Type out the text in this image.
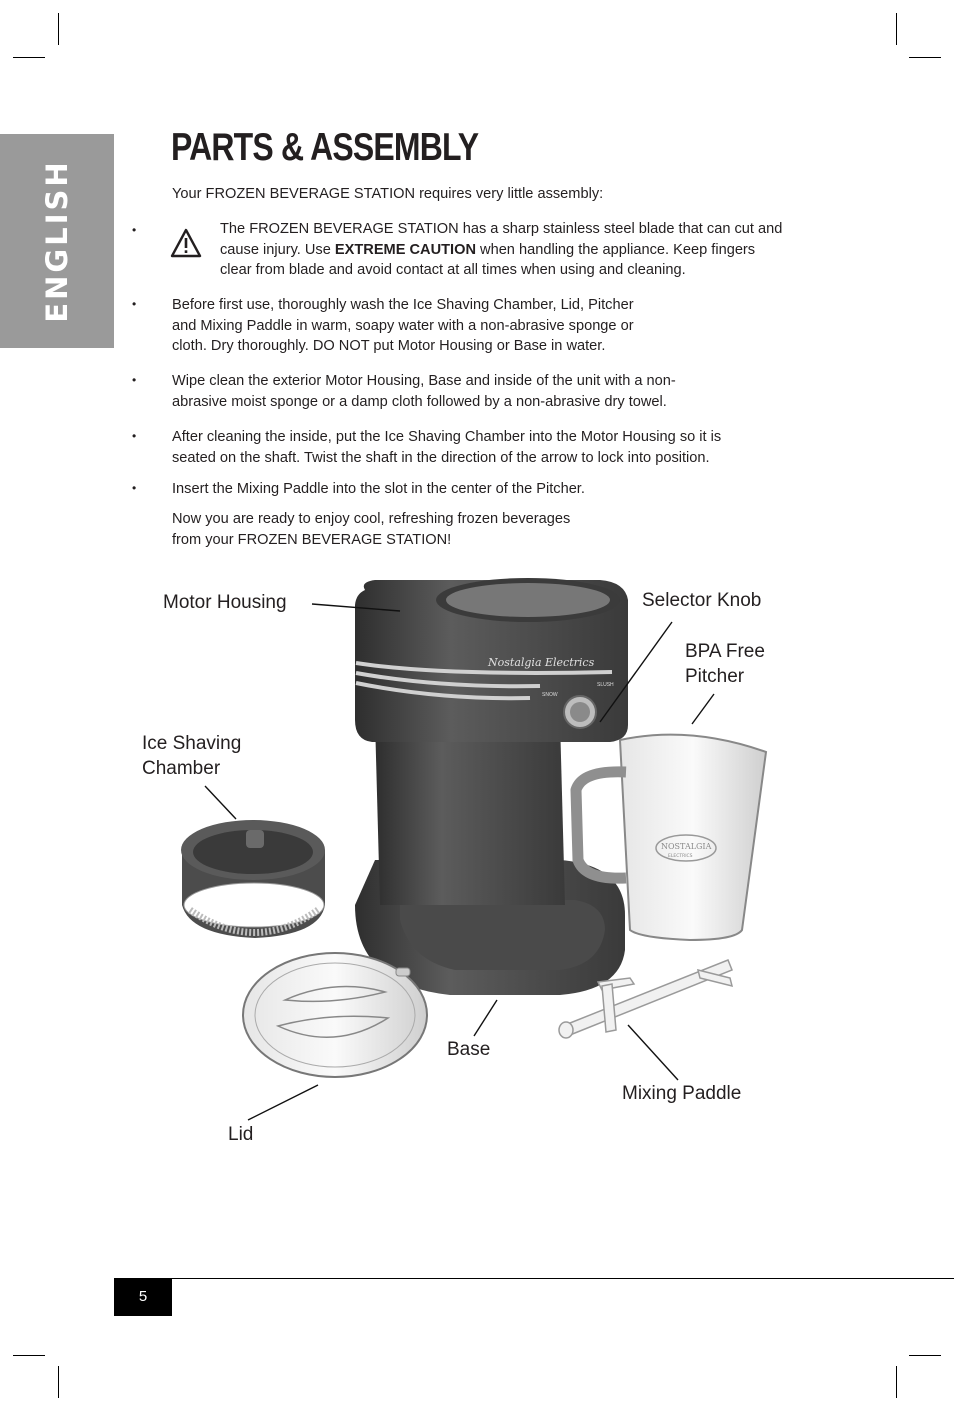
ENGLISH
PARTS & ASSEMBLY
Your FROZEN BEVERAGE STATION requires very little assembly:
•	The FROZEN BEVERAGE STATION has a sharp stainless steel blade that can cut and
cause injury. Use EXTREME CAUTION when handling the appliance. Keep fingers
clear from blade and avoid contact at all times when using and cleaning.
• Before first use, thoroughly wash the Ice Shaving Chamber, Lid, Pitcher
and Mixing Paddle in warm, soapy water with a non-abrasive sponge or
cloth. Dry thoroughly. DO NOT put Motor Housing or Base in water.
• Wipe clean the exterior Motor Housing, Base and inside of the unit with a non-
abrasive moist sponge or a damp cloth followed by a non-abrasive dry towel.
• After cleaning the inside, put the Ice Shaving Chamber into the Motor Housing so it is
seated on the shaft. Twist the shaft in the direction of the arrow to lock into position.
• Insert the Mixing Paddle into the slot in the center of the Pitcher.
Now you are ready to enjoy cool, refreshing frozen beverages
from your FROZEN BEVERAGE STATION!
Nostalgia Electrics
SNOW
SLUSH
NOSTALGIA
ELECTRICS
Motor Housing	Selector Knob
BPA Free
Pitcher
Ice Shaving
Chamber
Base
Mixing Paddle
Lid
5
